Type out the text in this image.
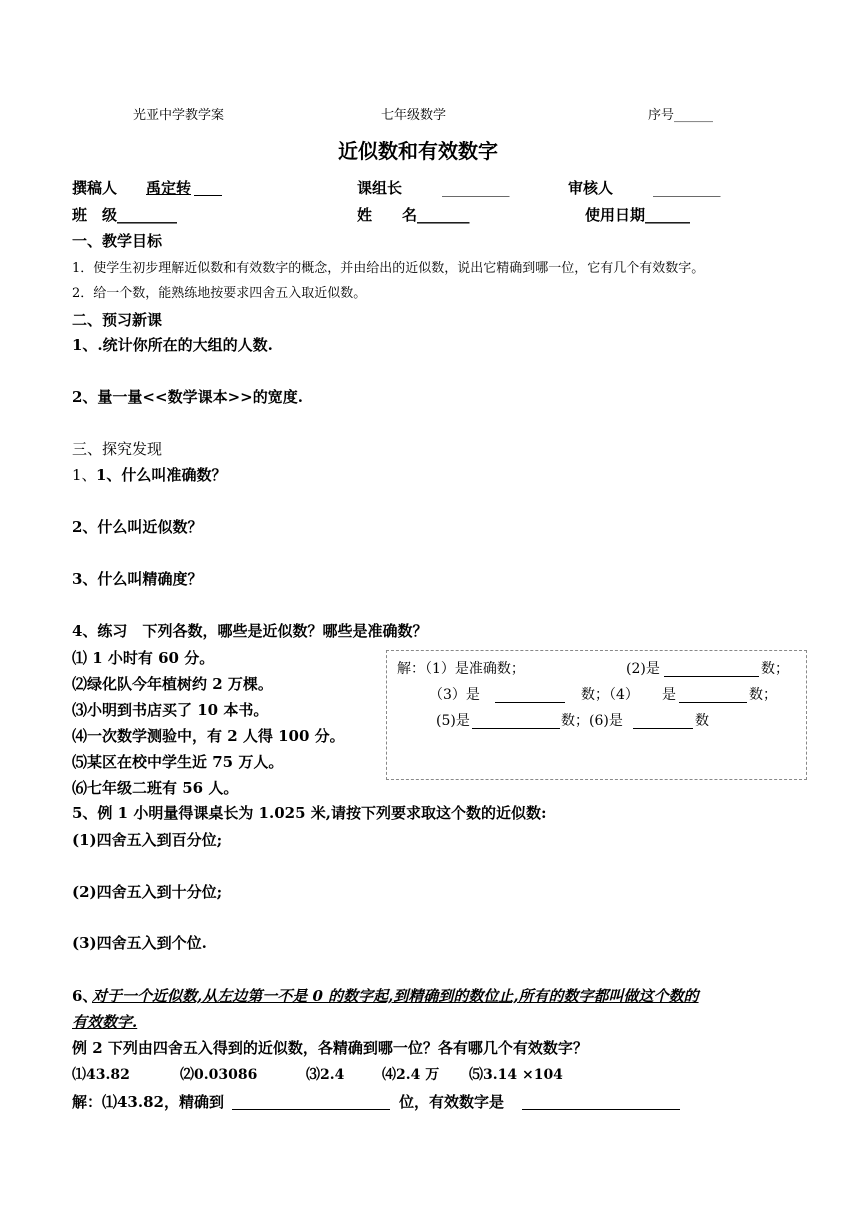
光亚中学教学案	七年级数学	序号______
近似数和有效数字
撰稿人 禹定转	课组长	_________	审核人	_________
班　级________	姓　　名_______	使用日期______
一、教学目标
1．使学生初步理解近似数和有效数字的概念，并由给出的近似数，说出它精确到哪一位，它有几个有效数字。
2．给一个数，能熟练地按要求四舍五入取近似数。
二、预习新课
1、.统计你所在的大组的人数.
2、量一量<<数学课本>>的宽度.
三、探究发现
1、 1、什么叫准确数？
2、什么叫近似数？
3、什么叫精确度？
4、练习　下列各数，哪些是近似数？哪些是准确数？
⑴ 1 小时有 60 分。
⑵绿化队今年植树约 2 万棵。
⑶小明到书店买了 10 本书。
⑷一次数学测验中，有 2 人得 100 分。
⑸某区在校中学生近 75 万人。
⑹七年级二班有 56 人。
解：（1）是准确数；	(2)是	数；
（3）是	数；（4） 是	数；
(5)是	数；(6)是	数
5、例 1 小明量得课桌长为 1.025 米,请按下列要求取这个数的近似数:
(1)四舍五入到百分位;
(2)四舍五入到十分位;
(3)四舍五入到个位.
6、
对于一个近似数,从左边第一不是 0 的数字起,到精确到的数位止,所有的数字都叫做这个数的
有效数字.
例 2 下列由四舍五入得到的近似数，各精确到哪一位？各有哪几个有效数字？
⑴43.82	⑵0.03086	⑶2.4	⑷2.4 万 ⑸3.14 ×104
解：⑴43.82，精确到	位，有效数字是
